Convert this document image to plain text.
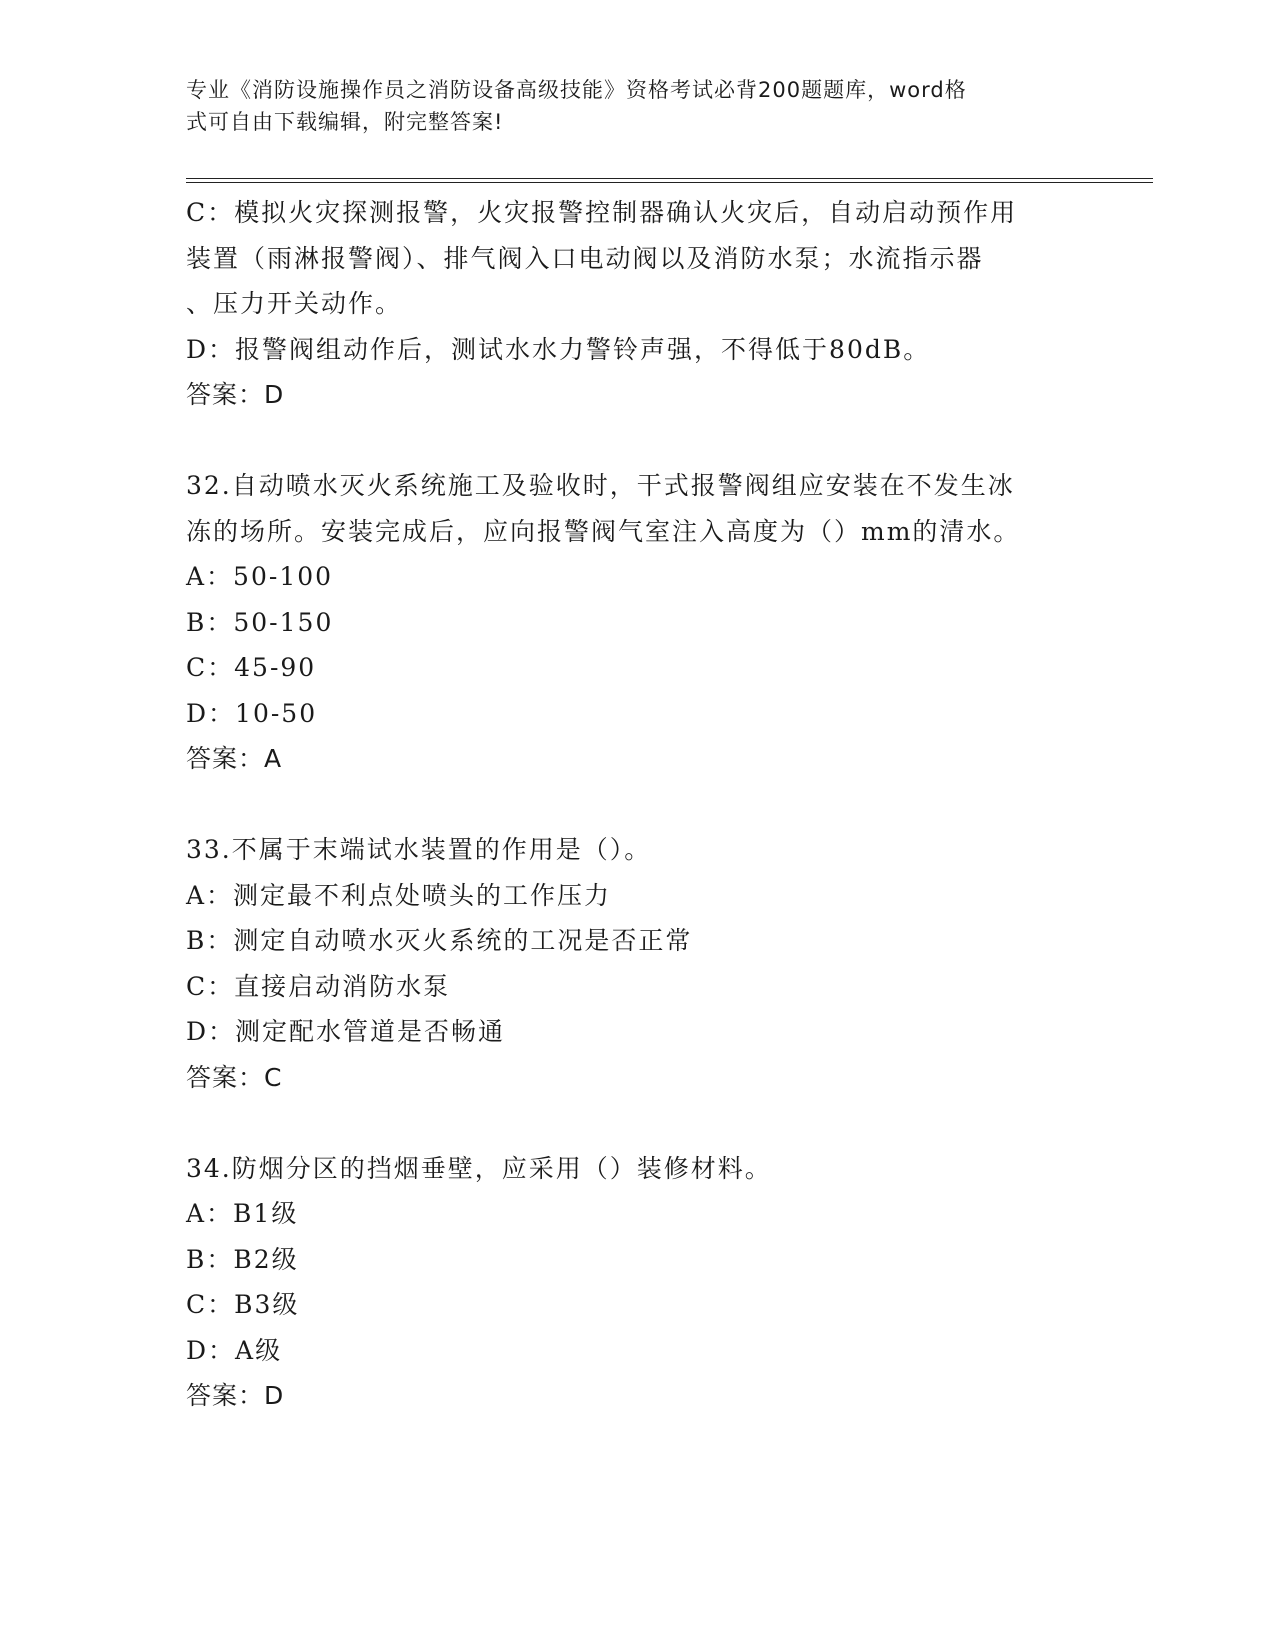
专业《消防设施操作员之消防设备高级技能》资格考试必背200题题库，word格
式可自由下载编辑，附完整答案!
C：模拟火灾探测报警，火灾报警控制器确认火灾后，自动启动预作用
装置（雨淋报警阀）、排气阀入口电动阀以及消防水泵；水流指示器
、压力开关动作。
D：报警阀组动作后，测试水水力警铃声强，不得低于80dB。
答案：D
32.自动喷水灭火系统施工及验收时，干式报警阀组应安装在不发生冰
冻的场所。安装完成后，应向报警阀气室注入高度为（）mm的清水。
A：50-100
B：50-150
C：45-90
D：10-50
答案：A
33.不属于末端试水装置的作用是（）。
A：测定最不利点处喷头的工作压力
B：测定自动喷水灭火系统的工况是否正常
C：直接启动消防水泵
D：测定配水管道是否畅通
答案：C
34.防烟分区的挡烟垂壁，应采用（）装修材料。
A：B1级
B：B2级
C：B3级
D：A级
答案：D
